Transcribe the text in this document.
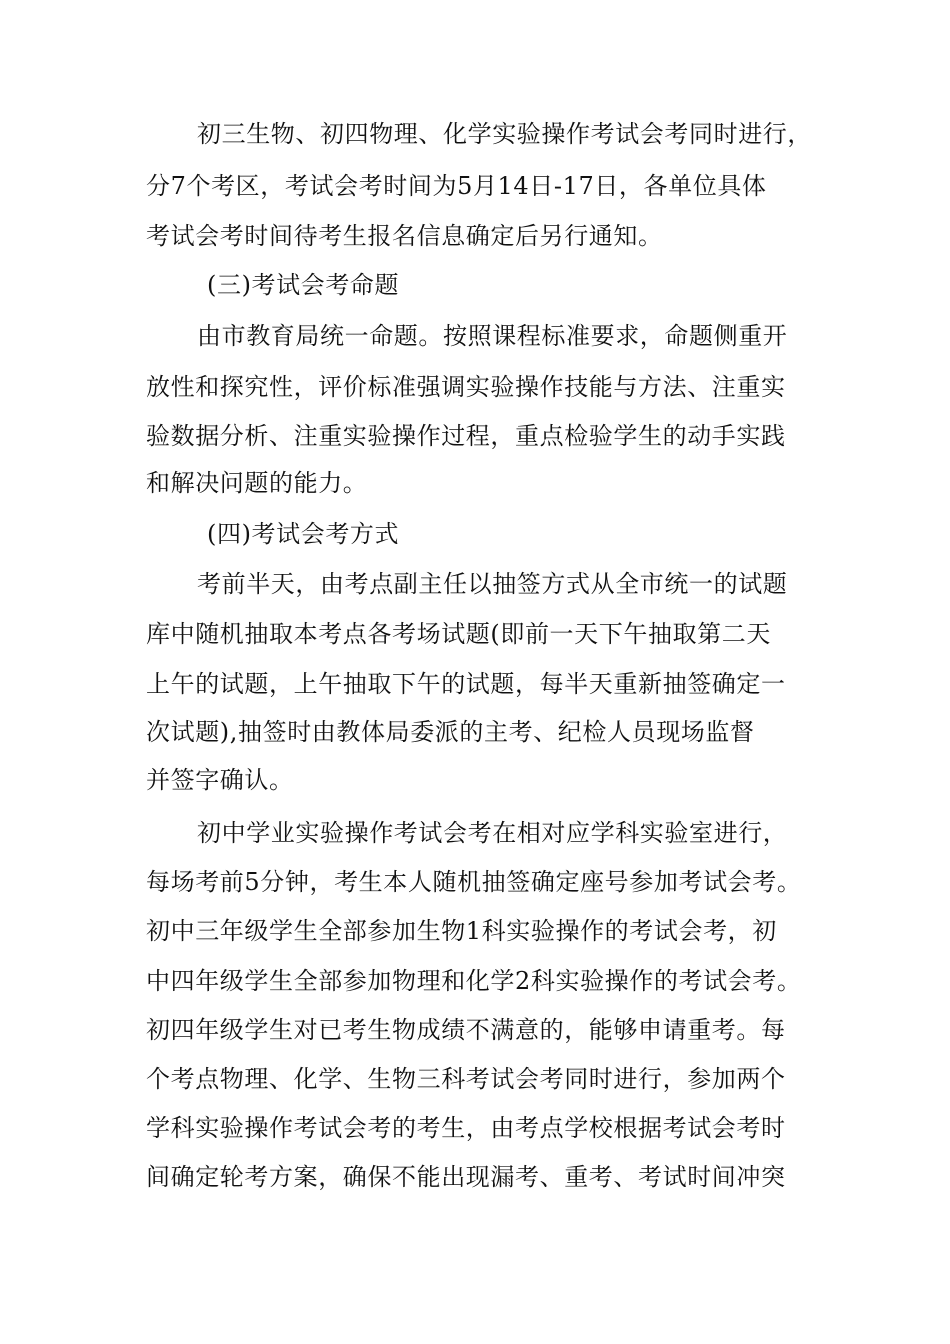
初三生物、初四物理、化学实验操作考试会考同时进行，
分7个考区，考试会考时间为5月14日-17日，各单位具体
考试会考时间待考生报名信息确定后另行通知。
(三)考试会考命题
由市教育局统一命题。按照课程标准要求，命题侧重开
放性和探究性，评价标准强调实验操作技能与方法、注重实
验数据分析、注重实验操作过程，重点检验学生的动手实践
和解决问题的能力。
(四)考试会考方式
考前半天，由考点副主任以抽签方式从全市统一的试题
库中随机抽取本考点各考场试题(即前一天下午抽取第二天
上午的试题，上午抽取下午的试题，每半天重新抽签确定一
次试题),抽签时由教体局委派的主考、纪检人员现场监督
并签字确认。
初中学业实验操作考试会考在相对应学科实验室进行，
每场考前5分钟，考生本人随机抽签确定座号参加考试会考。
初中三年级学生全部参加生物1科实验操作的考试会考，初
中四年级学生全部参加物理和化学2科实验操作的考试会考。
初四年级学生对已考生物成绩不满意的，能够申请重考。每
个考点物理、化学、生物三科考试会考同时进行，参加两个
学科实验操作考试会考的考生，由考点学校根据考试会考时
间确定轮考方案，确保不能出现漏考、重考、考试时间冲突
